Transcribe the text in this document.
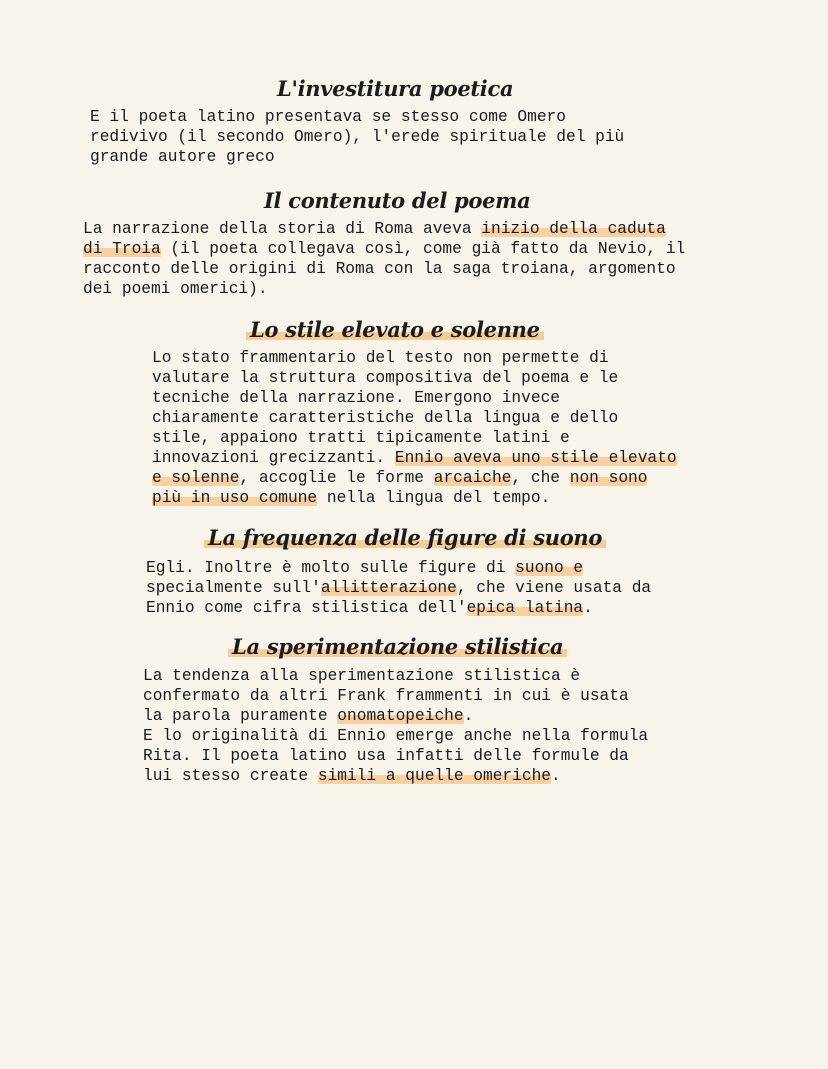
L'investitura poetica
E il poeta latino presentava se stesso come Omero
redivivo (il secondo Omero), l'erede spirituale del più
grande autore greco
Il contenuto del poema
La narrazione della storia di Roma aveva inizio della caduta
di Troia (il poeta collegava così, come già fatto da Nevio, il
racconto delle origini di Roma con la saga troiana, argomento
dei poemi omerici).
Lo stile elevato e solenne
Lo stato frammentario del testo non permette di
valutare la struttura compositiva del poema e le
tecniche della narrazione. Emergono invece
chiaramente caratteristiche della lingua e dello
stile, appaiono tratti tipicamente latini e
innovazioni grecizzanti. Ennio aveva uno stile elevato
e solenne, accoglie le forme arcaiche, che non sono
più in uso comune nella lingua del tempo.
La frequenza delle figure di suono
Egli. Inoltre è molto sulle figure di suono e
specialmente sull'allitterazione, che viene usata da
Ennio come cifra stilistica dell'epica latina.
La sperimentazione stilistica
La tendenza alla sperimentazione stilistica è
confermato da altri Frank frammenti in cui è usata
la parola puramente onomatopeiche.
E lo originalità di Ennio emerge anche nella formula
Rita. Il poeta latino usa infatti delle formule da
lui stesso create simili a quelle omeriche.
